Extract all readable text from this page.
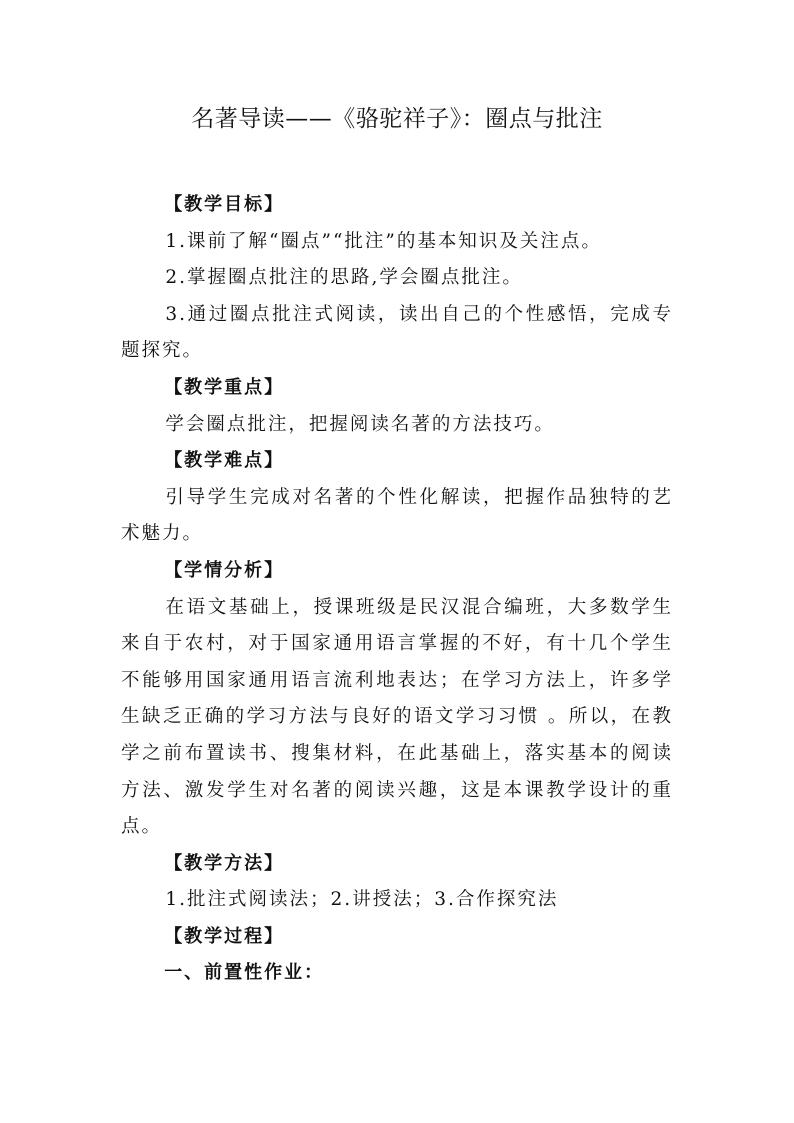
名著导读——《骆驼祥子》：圈点与批注

【教学目标】

1.课前了解“圈点”“批注”的基本知识及关注点。

2.掌握圈点批注的思路,学会圈点批注。

3.通过圈点批注式阅读，读出自己的个性感悟，完成专题探究。

【教学重点】

学会圈点批注，把握阅读名著的方法技巧。

【教学难点】

引导学生完成对名著的个性化解读，把握作品独特的艺术魅力。

【学情分析】

在语文基础上，授课班级是民汉混合编班，大多数学生来自于农村，对于国家通用语言掌握的不好，有十几个学生不能够用国家通用语言流利地表达；在学习方法上，许多学生缺乏正确的学习方法与良好的语文学习习惯 。所以，在教学之前布置读书、搜集材料，在此基础上，落实基本的阅读方法、激发学生对名著的阅读兴趣，这是本课教学设计的重点。

【教学方法】

1.批注式阅读法；2.讲授法；3.合作探究法

【教学过程】

一、前置性作业：
